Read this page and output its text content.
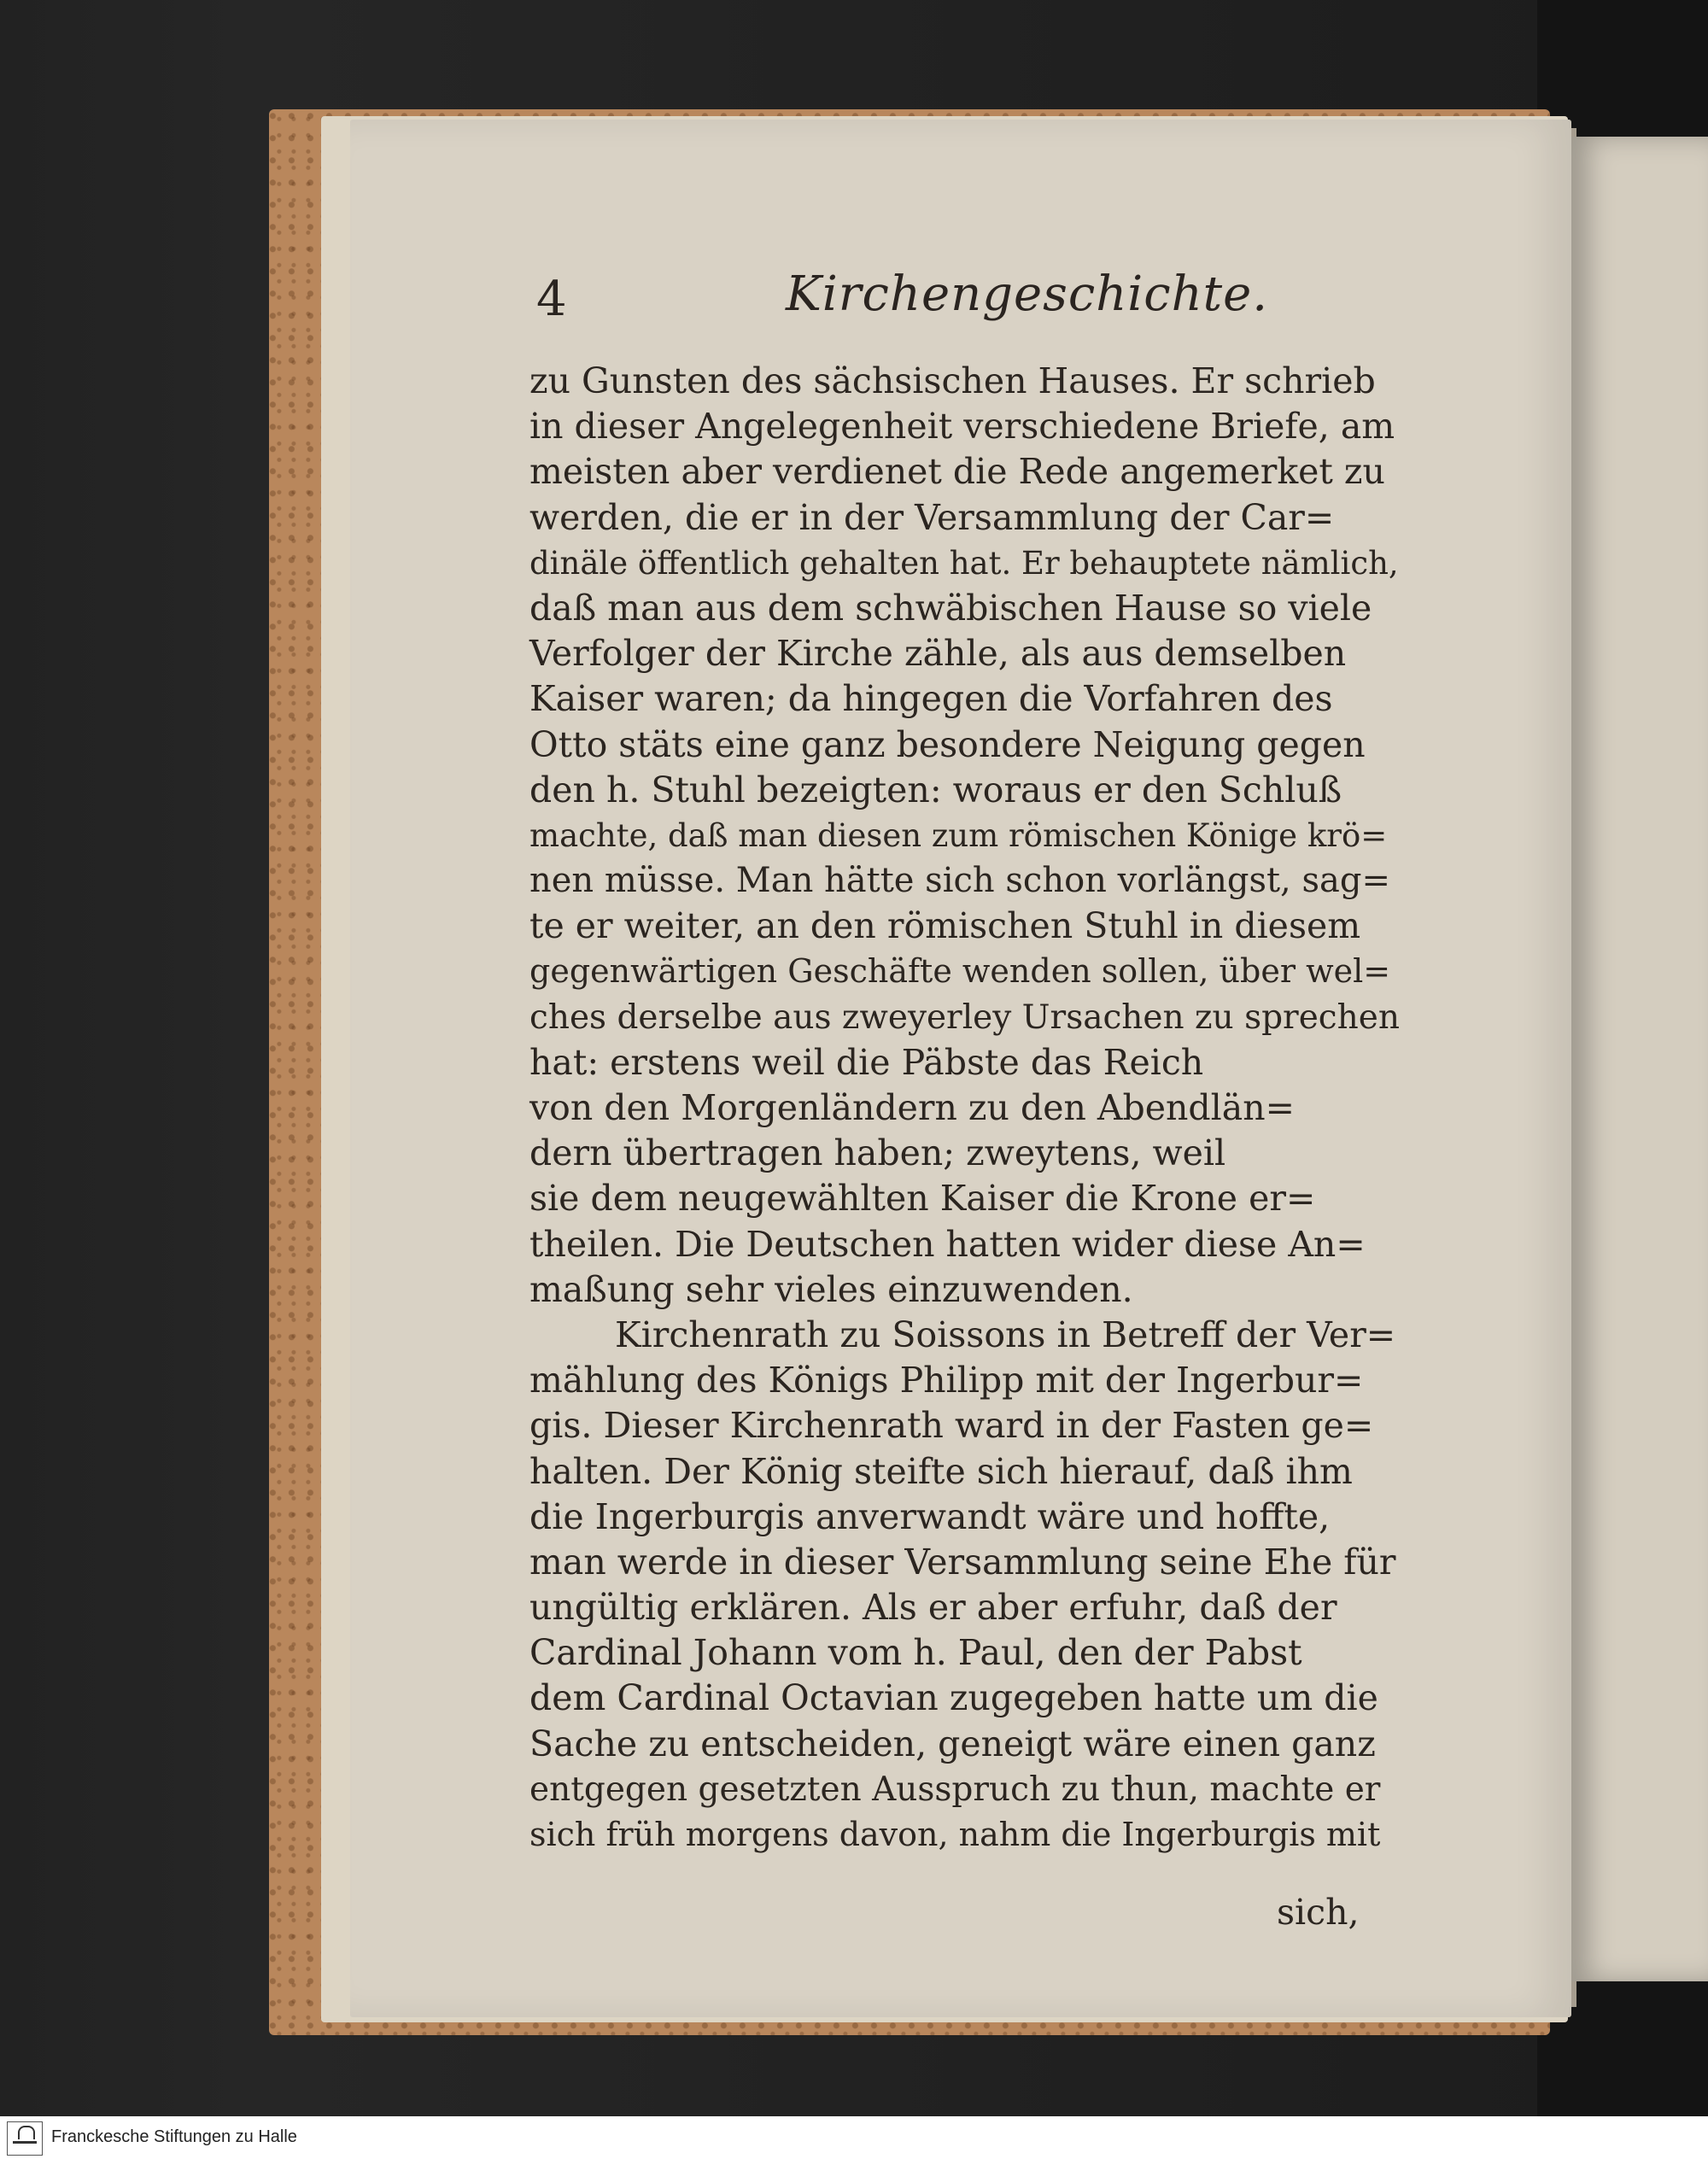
4	Kirchengeschichte.
zu Gunsten des sächsischen Hauses. Er schrieb
in dieser Angelegenheit verschiedene Briefe, am
meisten aber verdienet die Rede angemerket zu
werden, die er in der Versammlung der Car=
dinäle öffentlich gehalten hat. Er behauptete nämlich,
daß man aus dem schwäbischen Hause so viele
Verfolger der Kirche zähle, als aus demselben
Kaiser waren; da hingegen die Vorfahren des
Otto stäts eine ganz besondere Neigung gegen
den h. Stuhl bezeigten: woraus er den Schluß
machte, daß man diesen zum römischen Könige krö=
nen müsse. Man hätte sich schon vorlängst, sag=
te er weiter, an den römischen Stuhl in diesem
gegenwärtigen Geschäfte wenden sollen, über wel=
ches derselbe aus zweyerley Ursachen zu sprechen
hat: erstens weil die Päbste das Reich
von den Morgenländern zu den Abendlän=
dern übertragen haben; zweytens, weil
sie dem neugewählten Kaiser die Krone er=
theilen. Die Deutschen hatten wider diese An=
maßung sehr vieles einzuwenden.
Kirchenrath zu Soissons in Betreff der Ver=
mählung des Königs Philipp mit der Ingerbur=
gis. Dieser Kirchenrath ward in der Fasten ge=
halten. Der König steifte sich hierauf, daß ihm
die Ingerburgis anverwandt wäre und hoffte,
man werde in dieser Versammlung seine Ehe für
ungültig erklären. Als er aber erfuhr, daß der
Cardinal Johann vom h. Paul, den der Pabst
dem Cardinal Octavian zugegeben hatte um die
Sache zu entscheiden, geneigt wäre einen ganz
entgegen gesetzten Ausspruch zu thun, machte er
sich früh morgens davon, nahm die Ingerburgis mit
sich,
Franckesche Stiftungen zu Halle
